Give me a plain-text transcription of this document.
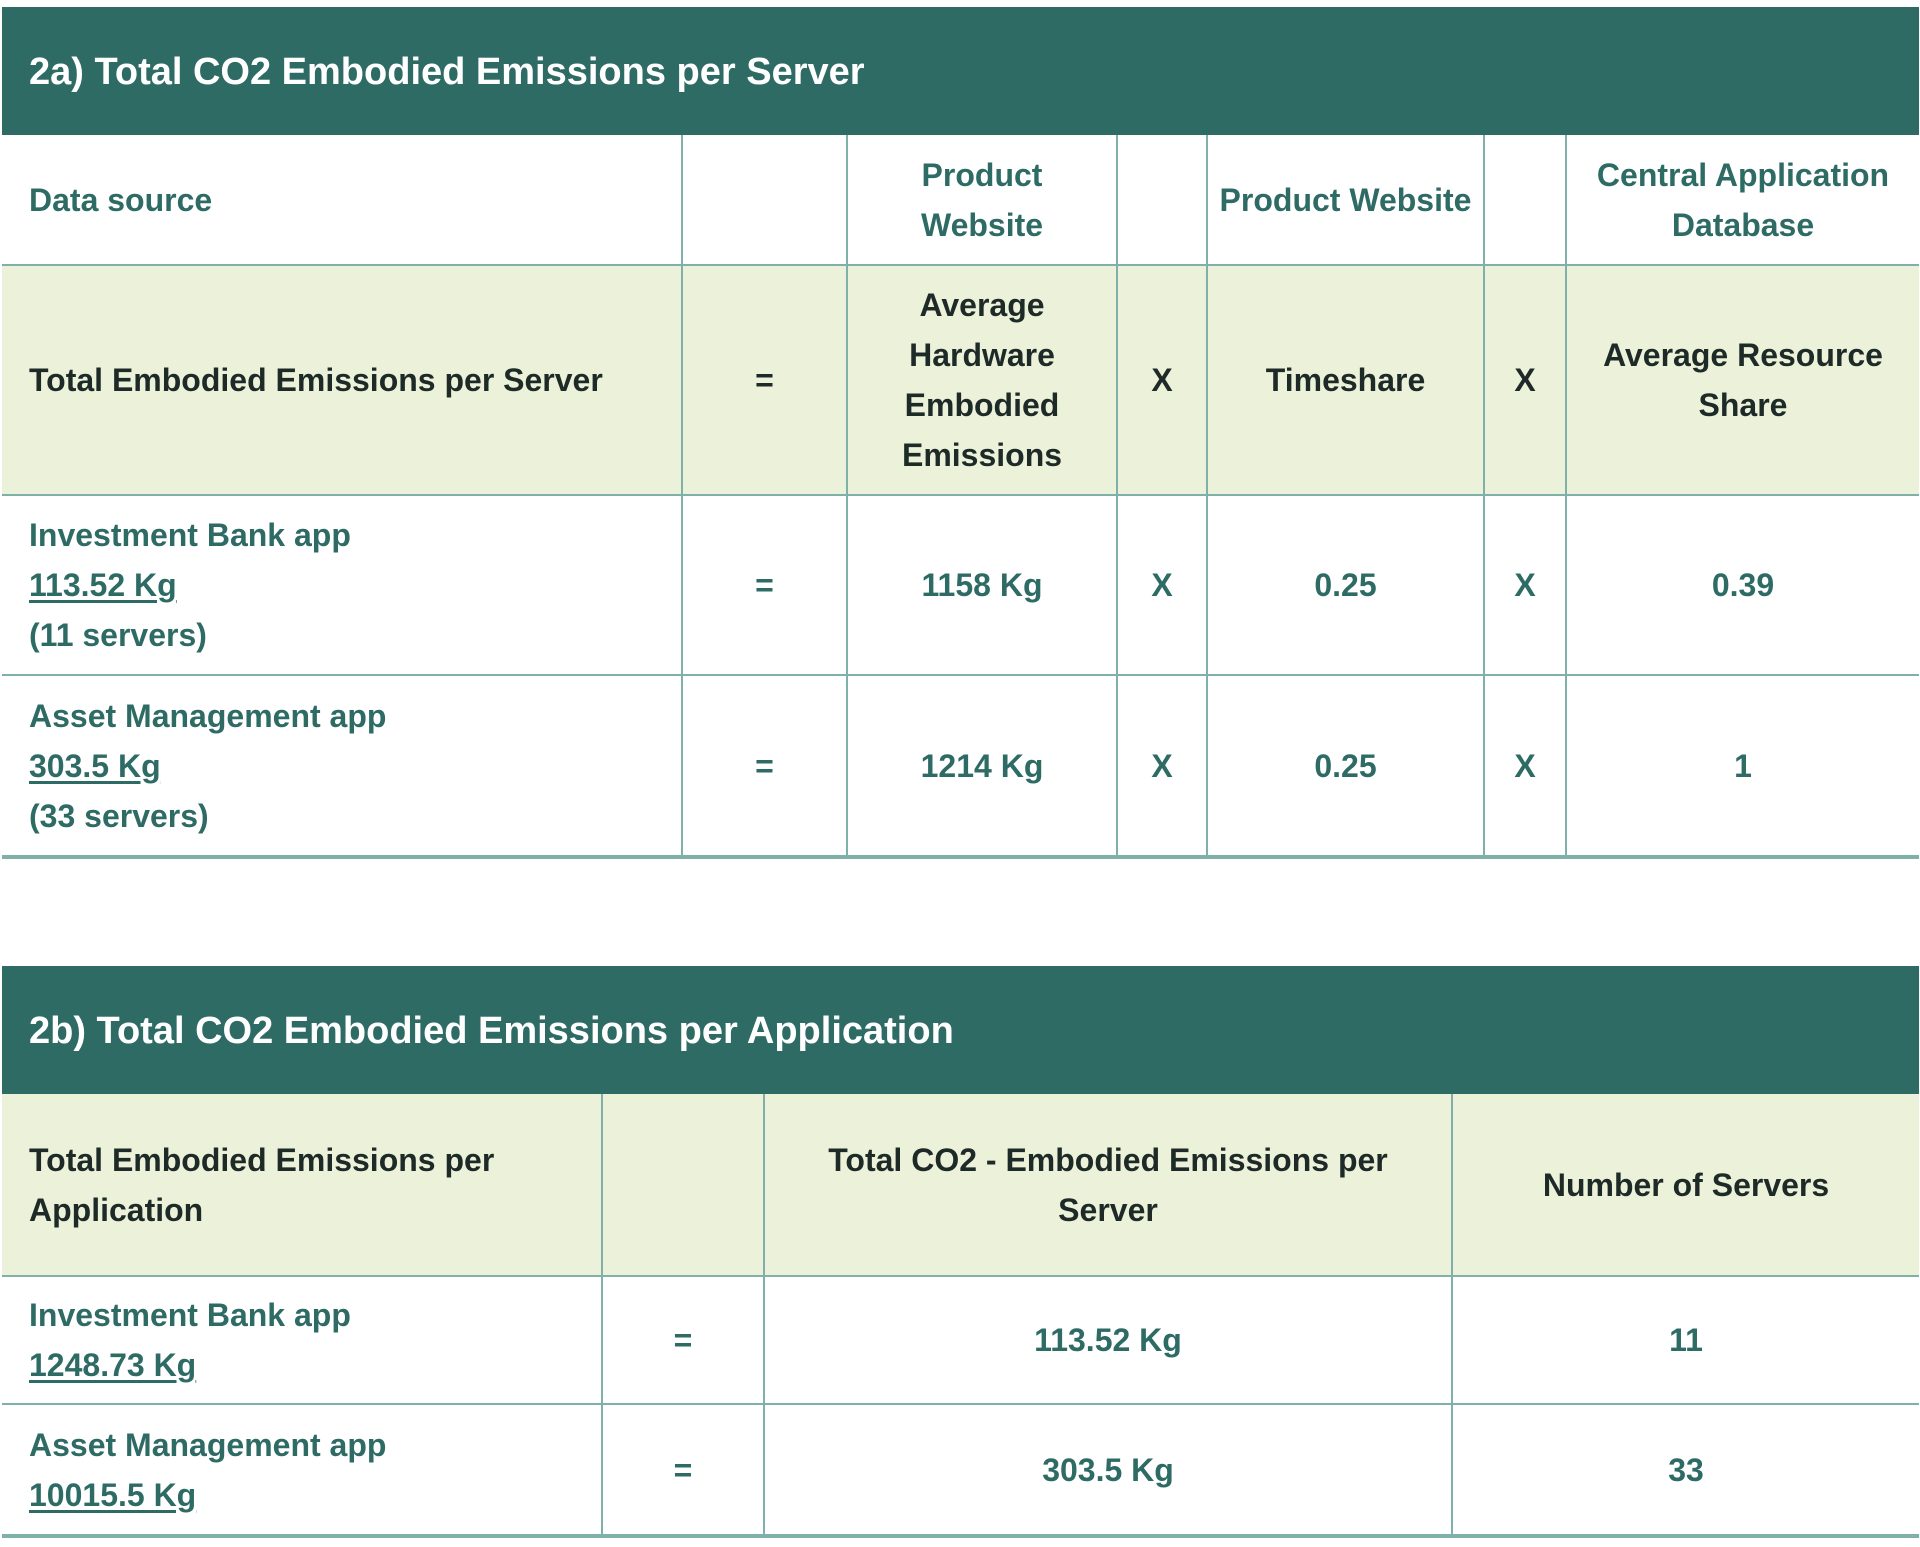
2a) Total CO2 Embodied Emissions per Server
Data source		Product Website		Product Website		Central Application Database
Total Embodied Emissions per Server	=	Average Hardware Embodied Emissions	X	Timeshare	X	Average Resource Share

Investment Bank app
113.52 Kg
(11 servers)	=	1158 Kg	X	0.25	X	0.39

Asset Management app
303.5 Kg
(33 servers)	=	1214 Kg	X	0.25	X	1
2b) Total CO2 Embodied Emissions per Application
Total Embodied Emissions per Application		Total CO2 - Embodied Emissions per Server	Number of Servers

Investment Bank app
1248.73 Kg	=	113.52 Kg	11

Asset Management app
10015.5 Kg	=	303.5 Kg	33
